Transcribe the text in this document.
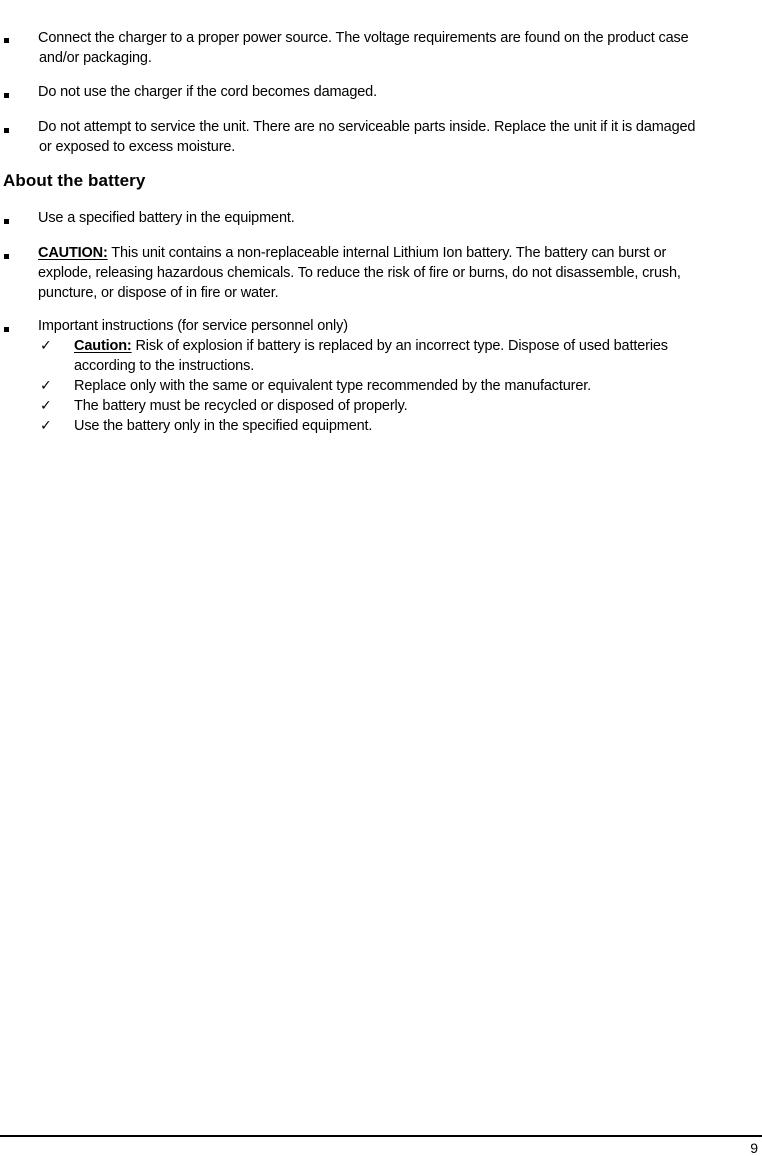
Connect the charger to a proper power source. The voltage requirements are found on the product case
and/or packaging.
Do not use the charger if the cord becomes damaged.
Do not attempt to service the unit. There are no serviceable parts inside. Replace the unit if it is damaged
or exposed to excess moisture.
About the battery
Use a specified battery in the equipment.
CAUTION: This unit contains a non-replaceable internal Lithium Ion battery. The battery can burst or
explode, releasing hazardous chemicals. To reduce the risk of fire or burns, do not disassemble, crush,
puncture, or dispose of in fire or water.
Important instructions (for service personnel only)
✓ Caution: Risk of explosion if battery is replaced by an incorrect type. Dispose of used batteries
according to the instructions.
✓ Replace only with the same or equivalent type recommended by the manufacturer.
✓ The battery must be recycled or disposed of properly.
✓ Use the battery only in the specified equipment.
9
